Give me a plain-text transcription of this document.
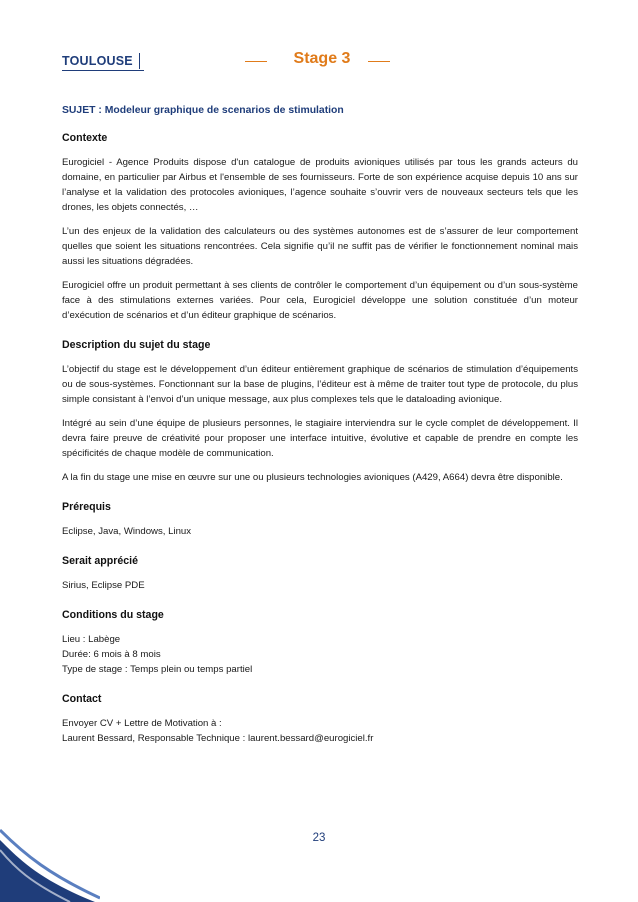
TOULOUSE	Stage 3
SUJET : Modeleur graphique de scenarios de stimulation
Contexte

Eurogiciel - Agence Produits dispose d'un catalogue de produits avioniques utilisés par tous les grands acteurs du domaine, en particulier par Airbus et l'ensemble de ses fournisseurs. Forte de son expérience acquise depuis 10 ans sur l’analyse et la validation des protocoles avioniques, l’agence souhaite s’ouvrir vers de nouveaux secteurs tels que les drones, les objets connectés, …

L’un des enjeux de la validation des calculateurs ou des systèmes autonomes est de s’assurer de leur comportement quelles que soient les situations rencontrées. Cela signifie qu’il ne suffit pas de vérifier le fonctionnement nominal mais aussi les situations dégradées.

Eurogiciel offre un produit permettant à ses clients de contrôler le comportement d’un équipement ou d’un sous-système face à des stimulations externes variées. Pour cela, Eurogiciel développe une solution constituée d’un moteur d’exécution de scénarios et d’un éditeur graphique de scénarios.

Description du sujet du stage

L’objectif du stage est le développement d’un éditeur entièrement graphique de scénarios de stimulation d’équipements ou de sous-systèmes. Fonctionnant sur la base de plugins, l’éditeur est à même de traiter tout type de protocole, du plus simple consistant à l’envoi d’un unique message, aux plus complexes tels que le dataloading avionique.

Intégré au sein d’une équipe de plusieurs personnes, le stagiaire interviendra sur le cycle complet de développement. Il devra faire preuve de créativité pour proposer une interface intuitive, évolutive et capable de prendre en compte les spécificités de chaque modèle de communication.

A la fin du stage une mise en œuvre sur une ou plusieurs technologies avioniques (A429, A664) devra être disponible.

Prérequis

Eclipse, Java, Windows, Linux

Serait apprécié

Sirius, Eclipse PDE

Conditions du stage
Lieu : Labège
Durée: 6 mois à 8 mois
Type de stage : Temps plein ou temps partiel
Contact
Envoyer CV + Lettre de Motivation à :
Laurent Bessard, Responsable Technique : laurent.bessard@eurogiciel.fr
23
